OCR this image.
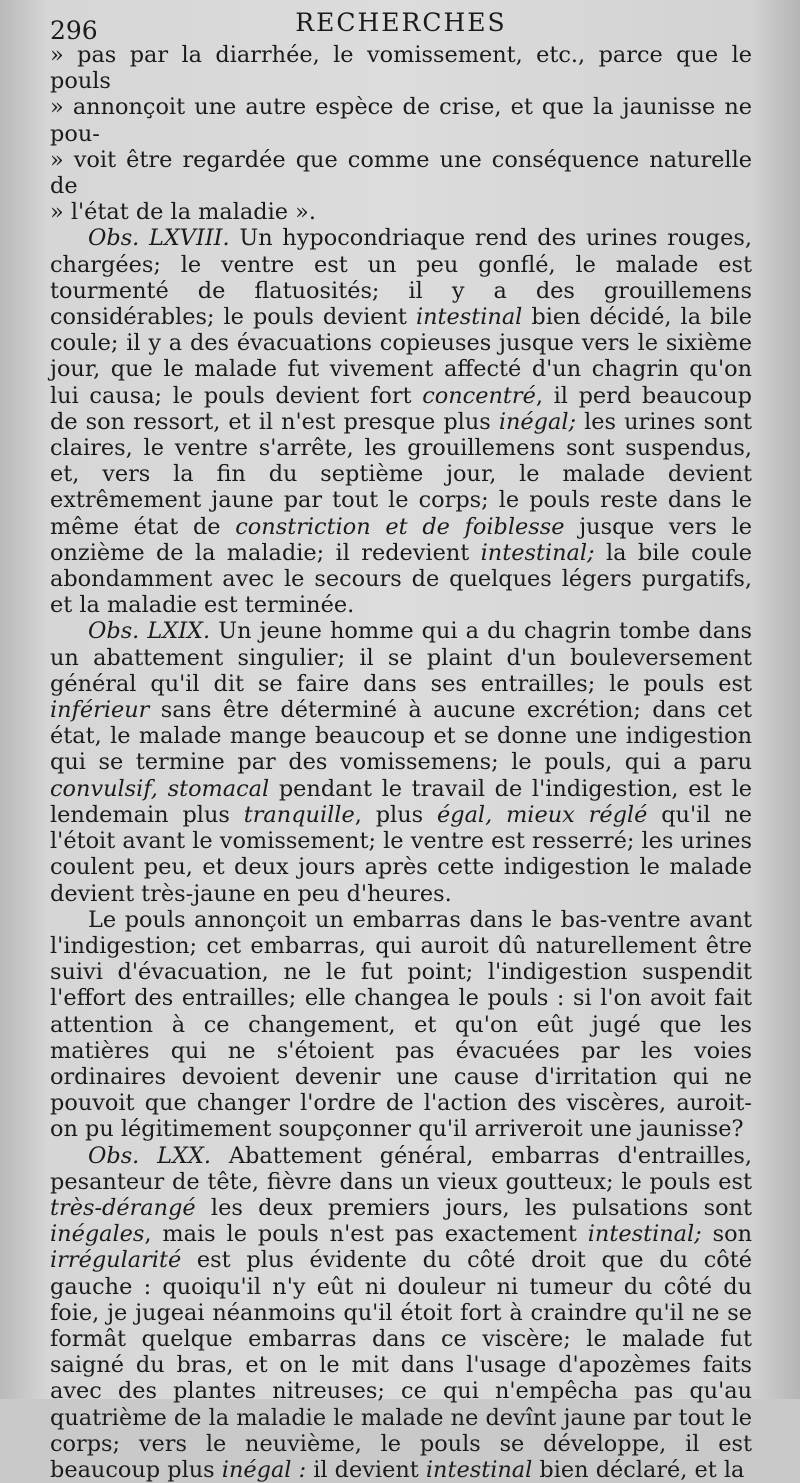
296	RECHERCHES

» pas par la diarrhée, le vomissement, etc., parce que le pouls
» annonçoit une autre espèce de crise, et que la jaunisse ne pou-
» voit être regardée que comme une conséquence naturelle de
» l'état de la maladie ».

Obs. LXVIII. Un hypocondriaque rend des urines rouges, chargées; le ventre est un peu gonflé, le malade est tourmenté de flatuosités; il y a des grouillemens considérables; le pouls devient intestinal bien décidé, la bile coule; il y a des évacuations copieuses jusque vers le sixième jour, que le malade fut vivement affecté d'un chagrin qu'on lui causa; le pouls devient fort concentré, il perd beaucoup de son ressort, et il n'est presque plus inégal; les urines sont claires, le ventre s'arrête, les grouillemens sont suspendus, et, vers la fin du septième jour, le malade devient extrêmement jaune par tout le corps; le pouls reste dans le même état de constriction et de foiblesse jusque vers le onzième de la maladie; il redevient intestinal; la bile coule abondamment avec le secours de quelques légers purgatifs, et la maladie est terminée.

Obs. LXIX. Un jeune homme qui a du chagrin tombe dans un abattement singulier; il se plaint d'un bouleversement général qu'il dit se faire dans ses entrailles; le pouls est inférieur sans être déterminé à aucune excrétion; dans cet état, le malade mange beaucoup et se donne une indigestion qui se termine par des vomissemens; le pouls, qui a paru convulsif, stomacal pendant le travail de l'indigestion, est le lendemain plus tranquille, plus égal, mieux réglé qu'il ne l'étoit avant le vomissement; le ventre est resserré; les urines coulent peu, et deux jours après cette indigestion le malade devient très-jaune en peu d'heures.

Le pouls annonçoit un embarras dans le bas-ventre avant l'indigestion; cet embarras, qui auroit dû naturellement être suivi d'évacuation, ne le fut point; l'indigestion suspendit l'effort des entrailles; elle changea le pouls : si l'on avoit fait attention à ce changement, et qu'on eût jugé que les matières qui ne s'étoient pas évacuées par les voies ordinaires devoient devenir une cause d'irritation qui ne pouvoit que changer l'ordre de l'action des viscères, auroit-on pu légitimement soupçonner qu'il arriveroit une jaunisse?

Obs. LXX. Abattement général, embarras d'entrailles, pesanteur de tête, fièvre dans un vieux goutteux; le pouls est très-dérangé les deux premiers jours, les pulsations sont inégales, mais le pouls n'est pas exactement intestinal; son irrégularité est plus évidente du côté droit que du côté gauche : quoiqu'il n'y eût ni douleur ni tumeur du côté du foie, je jugeai néanmoins qu'il étoit fort à craindre qu'il ne se formât quelque embarras dans ce viscère; le malade fut saigné du bras, et on le mit dans l'usage d'apozèmes faits avec des plantes nitreuses; ce qui n'empêcha pas qu'au quatrième de la maladie le malade ne devînt jaune par tout le corps; vers le neuvième, le pouls se développe, il est beaucoup plus inégal : il devient intestinal bien déclaré, et la
